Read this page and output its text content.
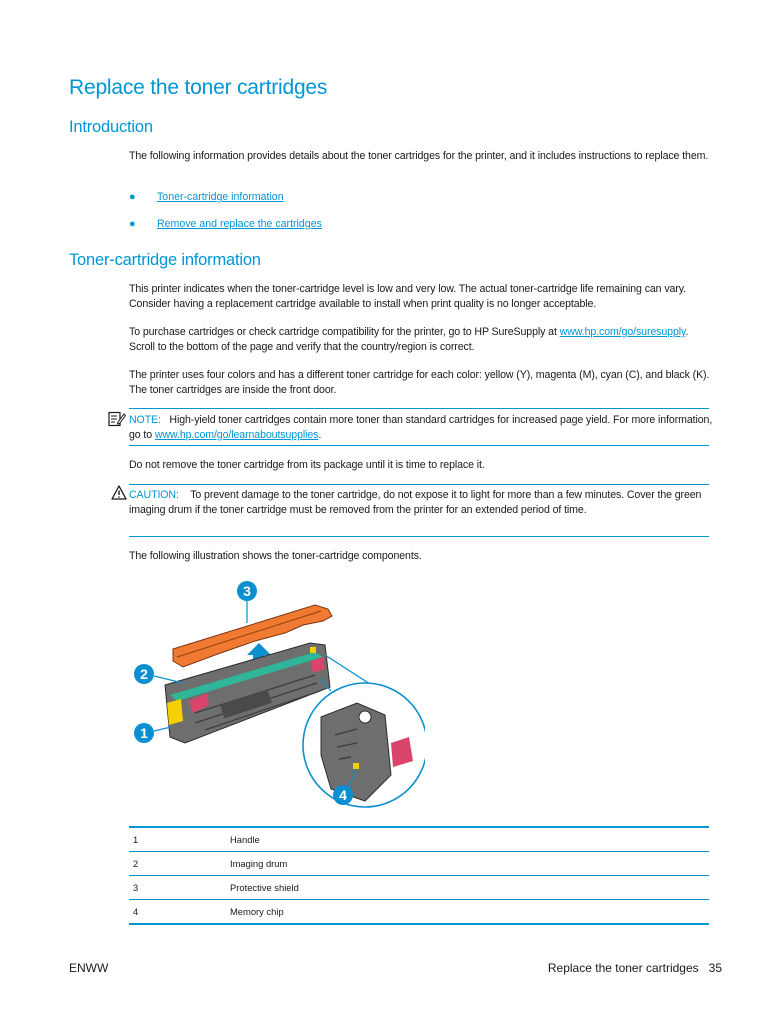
Replace the toner cartridges
Introduction

The following information provides details about the toner cartridges for the printer, and it includes instructions to replace them.

● Toner-cartridge information
● Remove and replace the cartridges
Toner-cartridge information

This printer indicates when the toner-cartridge level is low and very low. The actual toner-cartridge life remaining can vary. Consider having a replacement cartridge available to install when print quality is no longer acceptable.

To purchase cartridges or check cartridge compatibility for the printer, go to HP SureSupply at www.hp.com/go/suresupply. Scroll to the bottom of the page and verify that the country/region is correct.

The printer uses four colors and has a different toner cartridge for each color: yellow (Y), magenta (M), cyan (C), and black (K). The toner cartridges are inside the front door.

NOTE: High-yield toner cartridges contain more toner than standard cartridges for increased page yield. For more information, go to www.hp.com/go/learnaboutsupplies.

Do not remove the toner cartridge from its package until it is time to replace it.

CAUTION: To prevent damage to the toner cartridge, do not expose it to light for more than a few minutes. Cover the green imaging drum if the toner cartridge must be removed from the printer for an extended period of time.

The following illustration shows the toner-cartridge components.

1
2
3
4
1	Handle
2	Imaging drum
3	Protective shield
4	Memory chip
ENWW	Replace the toner cartridges 35
